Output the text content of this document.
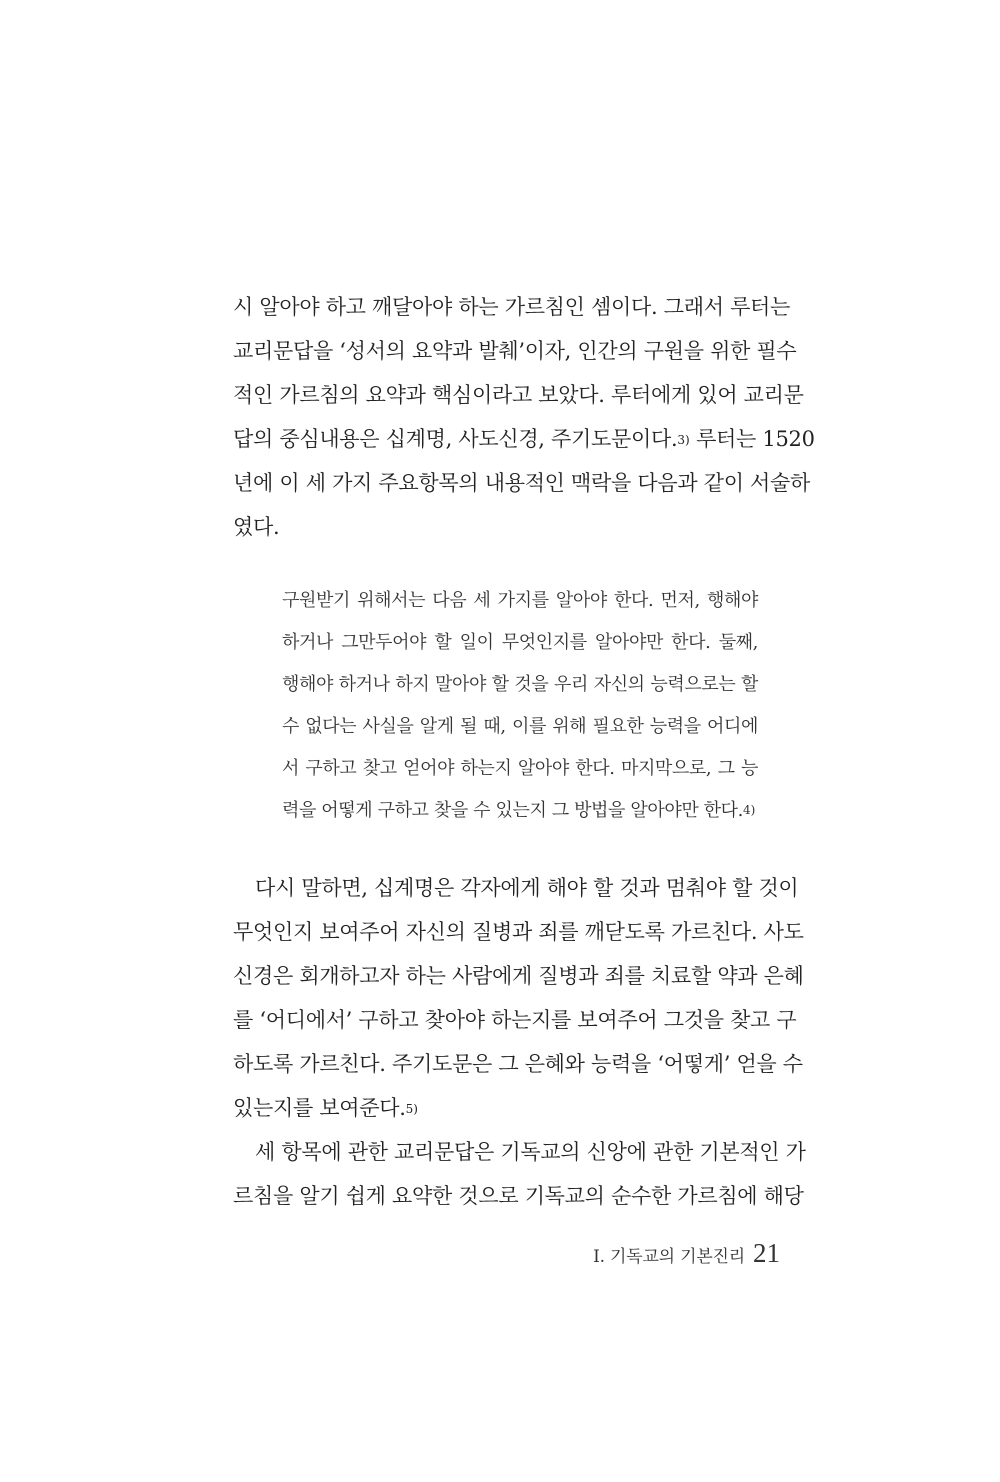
시 알아야 하고 깨달아야 하는 가르침인 셈이다. 그래서 루터는
교리문답을 ‘성서의 요약과 발췌’이자, 인간의 구원을 위한 필수
적인 가르침의 요약과 핵심이라고 보았다. 루터에게 있어 교리문
답의 중심내용은 십계명, 사도신경, 주기도문이다.$^{3)}$ 루터는 1520
년에 이 세 가지 주요항목의 내용적인 맥락을 다음과 같이 서술하
였다.
구원받기 위해서는 다음 세 가지를 알아야 한다. 먼저, 행해야
하거나 그만두어야 할 일이 무엇인지를 알아야만 한다. 둘째,
행해야 하거나 하지 말아야 할 것을 우리 자신의 능력으로는 할
수 없다는 사실을 알게 될 때, 이를 위해 필요한 능력을 어디에
서 구하고 찾고 얻어야 하는지 알아야 한다. 마지막으로, 그 능
력을 어떻게 구하고 찾을 수 있는지 그 방법을 알아야만 한다.$^{4)}$
다시 말하면, 십계명은 각자에게 해야 할 것과 멈춰야 할 것이
무엇인지 보여주어 자신의 질병과 죄를 깨닫도록 가르친다. 사도
신경은 회개하고자 하는 사람에게 질병과 죄를 치료할 약과 은혜
를 ‘어디에서’ 구하고 찾아야 하는지를 보여주어 그것을 찾고 구
하도록 가르친다. 주기도문은 그 은혜와 능력을 ‘어떻게’ 얻을 수
있는지를 보여준다.$^{5)}$
세 항목에 관한 교리문답은 기독교의 신앙에 관한 기본적인 가
르침을 알기 쉽게 요약한 것으로 기독교의 순수한 가르침에 해당
I. 기독교의 기본진리 21
